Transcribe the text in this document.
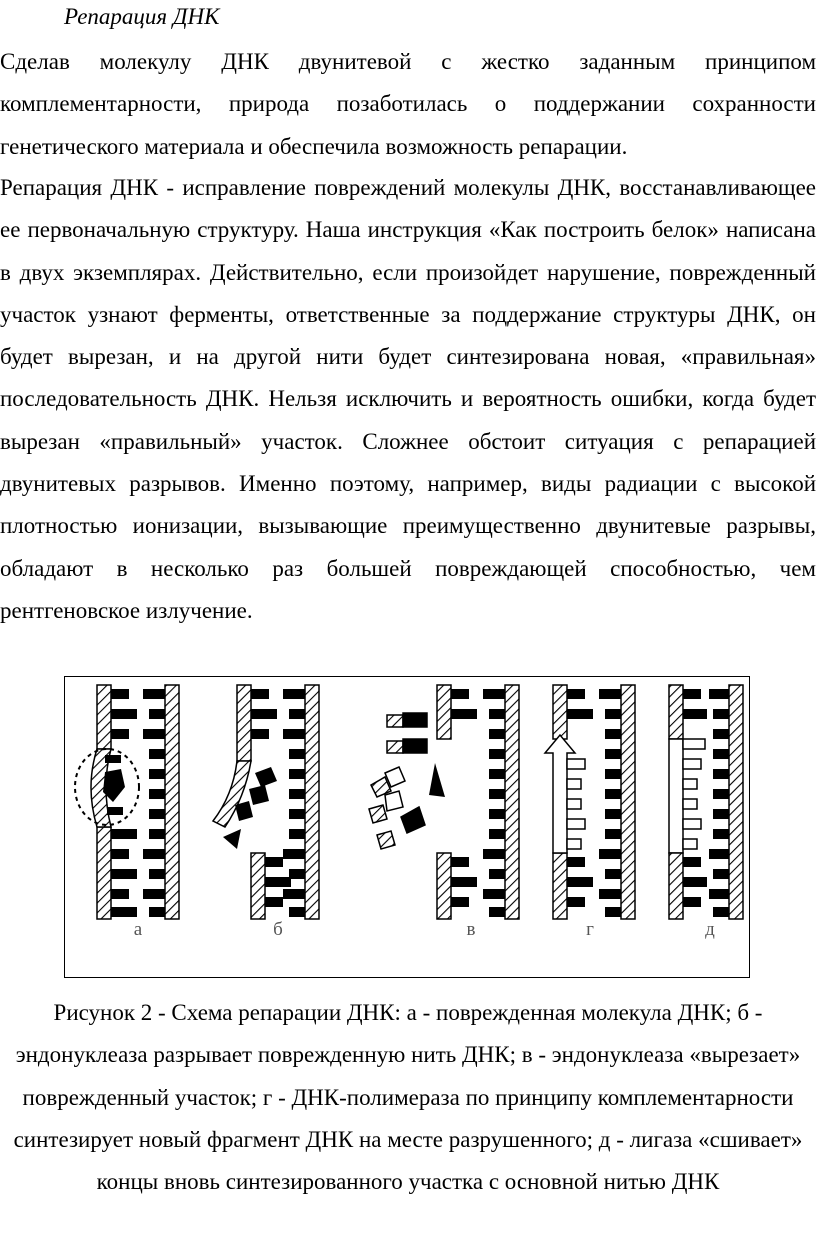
Репарация ДНК

Сделав молекулу ДНК двунитевой с жестко заданным принципом комплементарности, природа позаботилась о поддержании сохранности генетического материала и обеспечила возможность репарации.

Репарация ДНК - исправление повреждений молекулы ДНК, восстанавливающее ее первоначальную структуру. Наша инструкция «Как построить белок» написана в двух экземплярах. Действительно, если произойдет нарушение, поврежденный участок узнают ферменты, ответственные за поддержание структуры ДНК, он будет вырезан, и на другой нити будет синтезирована новая, «правильная» последовательность ДНК. Нельзя исключить и вероятность ошибки, когда будет вырезан «правильный» участок. Сложнее обстоит ситуация с репарацией двунитевых разрывов. Именно поэтому, например, виды радиации с высокой плотностью ионизации, вызывающие преимущественно двунитевые разрывы, обладают в несколько раз большей повреждающей способностью, чем рентгеновское излучение.

а	б	в	г	д

Рисунок 2 - Схема репарации ДНК: а - поврежденная молекула ДНК; б - эндонуклеаза разрывает поврежденную нить ДНК; в - эндонуклеаза «вырезает» поврежденный участок; г - ДНК-полимераза по принципу комплементарности синтезирует новый фрагмент ДНК на месте разрушенного; д - лигаза «сшивает» концы вновь синтезированного участка с основной нитью ДНК
